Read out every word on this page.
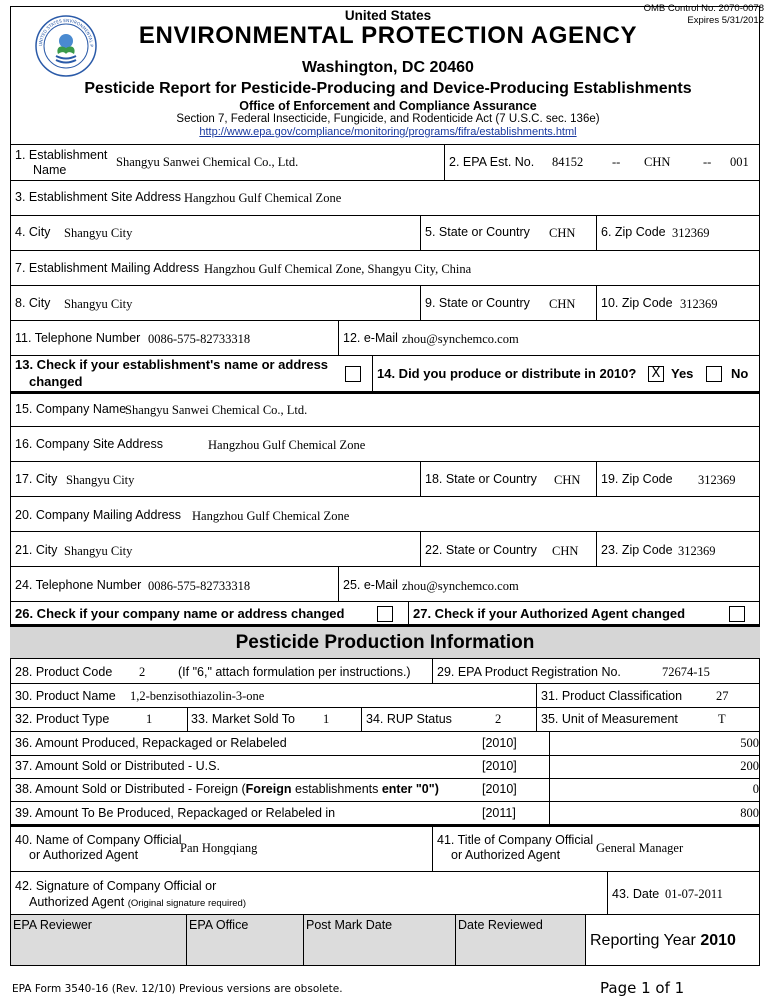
UNITED STATES ENVIRONMENTAL P
OMB Control No. 2070-0078
Expires 5/31/2012
United States
ENVIRONMENTAL PROTECTION AGENCY
Washington, DC 20460
Pesticide Report for Pesticide-Producing and Device-Producing Establishments
Office of Enforcement and Compliance Assurance
Section 7, Federal Insecticide, Fungicide, and Rodenticide Act (7 U.S.C. sec. 136e)
http://www.epa.gov/compliance/monitoring/programs/fifra/establishments.html
1. Establishment
Name
Shangyu Sanwei Chemical Co., Ltd.	2. EPA Est. No. 84152 -- CHN	-- 001
3. Establishment Site Address Hangzhou Gulf Chemical Zone
4. City Shangyu City	5. State or Country CHN 6. Zip Code 312369
7. Establishment Mailing Address Hangzhou Gulf Chemical Zone, Shangyu City, China
8. City Shangyu City	9. State or Country CHN 10. Zip Code 312369
11. Telephone Number 0086-575-82733318	12. e-Mail zhou@synchemco.com
13. Check if your establishment's name or address
changed
14. Did you produce or distribute in 2010? X Yes	No
15. Company Name
Shangyu Sanwei Chemical Co., Ltd.
16. Company Site Address	Hangzhou Gulf Chemical Zone
17. City Shangyu City	18. State or Country CHN 19. Zip Code 312369
20. Company Mailing Address Hangzhou Gulf Chemical Zone
21. City Shangyu City	22. State or Country CHN 23. Zip Code 312369
24. Telephone Number 0086-575-82733318	25. e-Mail zhou@synchemco.com
26. Check if your company name or address changed	27. Check if your Authorized Agent changed
Pesticide Production Information
28. Product Code 2	(If "6," attach formulation per instructions.) 29. EPA Product Registration No.	72674-15
30. Product Name 1,2-benzisothiazolin-3-one	31. Product Classification	27
32. Product Type	1	33. Market Sold To 1	34. RUP Status	2	35. Unit of Measurement	T
36. Amount Produced, Repackaged or Relabeled	[2010]	500
37. Amount Sold or Distributed - U.S.	[2010]	200
38. Amount Sold or Distributed - Foreign (Foreign establishments enter "0")	[2010]	0
39. Amount To Be Produced, Repackaged or Relabeled in	[2011]	800
40. Name of Company Official
or Authorized Agent	Pan Hongqiang
41. Title of Company Official
or Authorized Agent	General Manager
42. Signature of Company Official or
Authorized Agent (Original signature required)
43. Date 01-07-2011
EPA Reviewer	EPA Office	Post Mark Date	Date Reviewed
Reporting Year 2010
EPA Form 3540-16 (Rev. 12/10) Previous versions are obsolete.	Page 1 of 1
